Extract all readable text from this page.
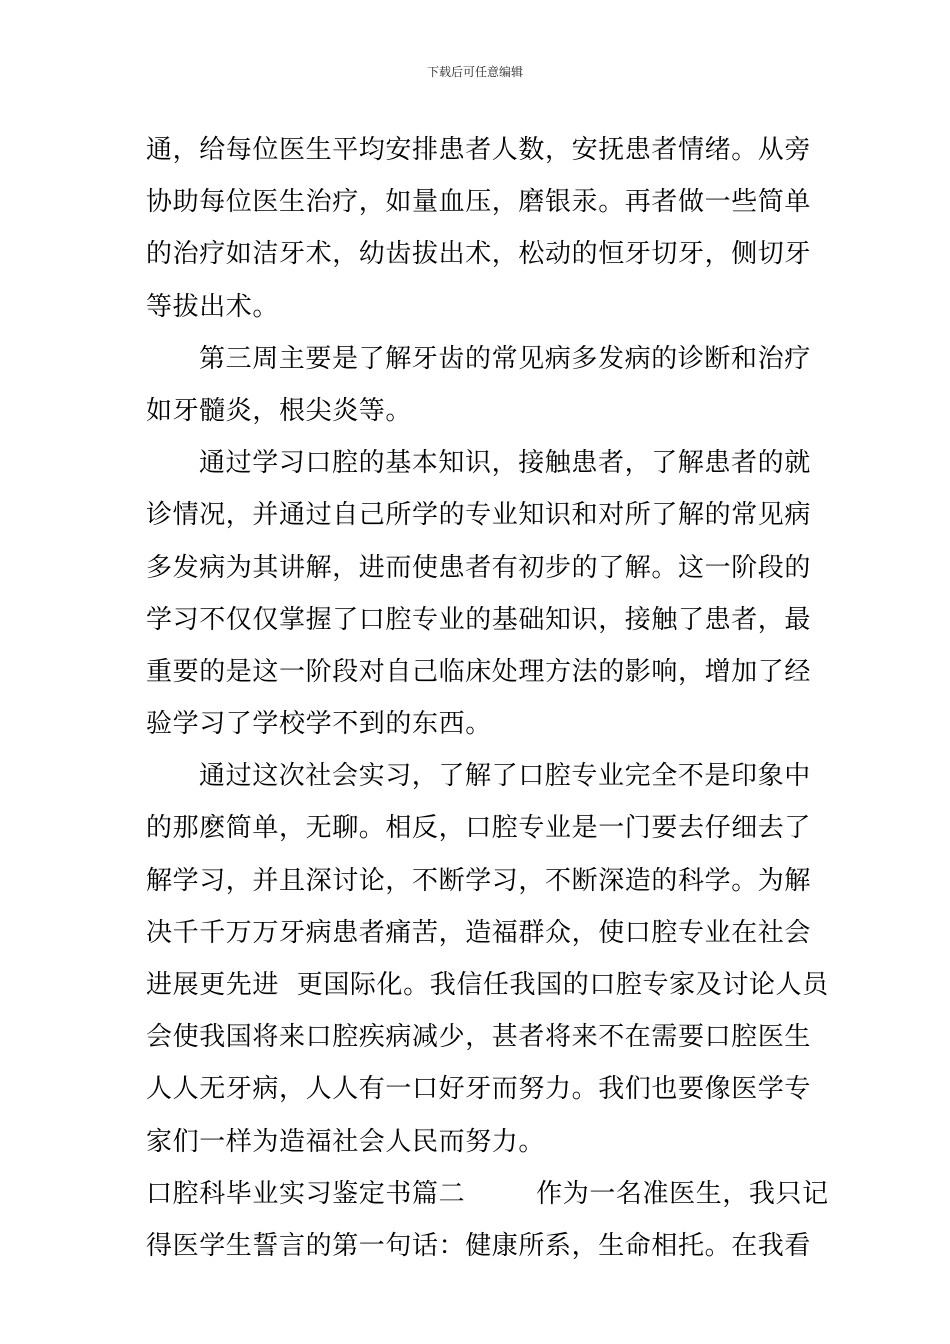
下载后可任意编辑
通，给每位医生平均安排患者人数，安抚患者情绪。从旁
协助每位医生治疗，如量血压，磨银汞。再者做一些简单
的治疗如洁牙术，幼齿拔出术，松动的恒牙切牙，侧切牙
等拔出术。
第三周主要是了解牙齿的常见病多发病的诊断和治疗
如牙髓炎，根尖炎等。
通过学习口腔的基本知识，接触患者，了解患者的就
诊情况，并通过自己所学的专业知识和对所了解的常见病
多发病为其讲解，进而使患者有初步的了解。这一阶段的
学习不仅仅掌握了口腔专业的基础知识，接触了患者，最
重要的是这一阶段对自己临床处理方法的影响，增加了经
验学习了学校学不到的东西。
通过这次社会实习，了解了口腔专业完全不是印象中
的那麽简单，无聊。相反，口腔专业是一门要去仔细去了
解学习，并且深讨论，不断学习，不断深造的科学。为解
决千千万万牙病患者痛苦，造福群众，使口腔专业在社会
进展更先进  更国际化。我信任我国的口腔专家及讨论人员
会使我国将来口腔疾病减少，甚者将来不在需要口腔医生
人人无牙病，人人有一口好牙而努力。我们也要像医学专
家们一样为造福社会人民而努力。
口腔科毕业实习鉴定书篇二        作为一名准医生，我只记
得医学生誓言的第一句话：健康所系，生命相托。在我看
